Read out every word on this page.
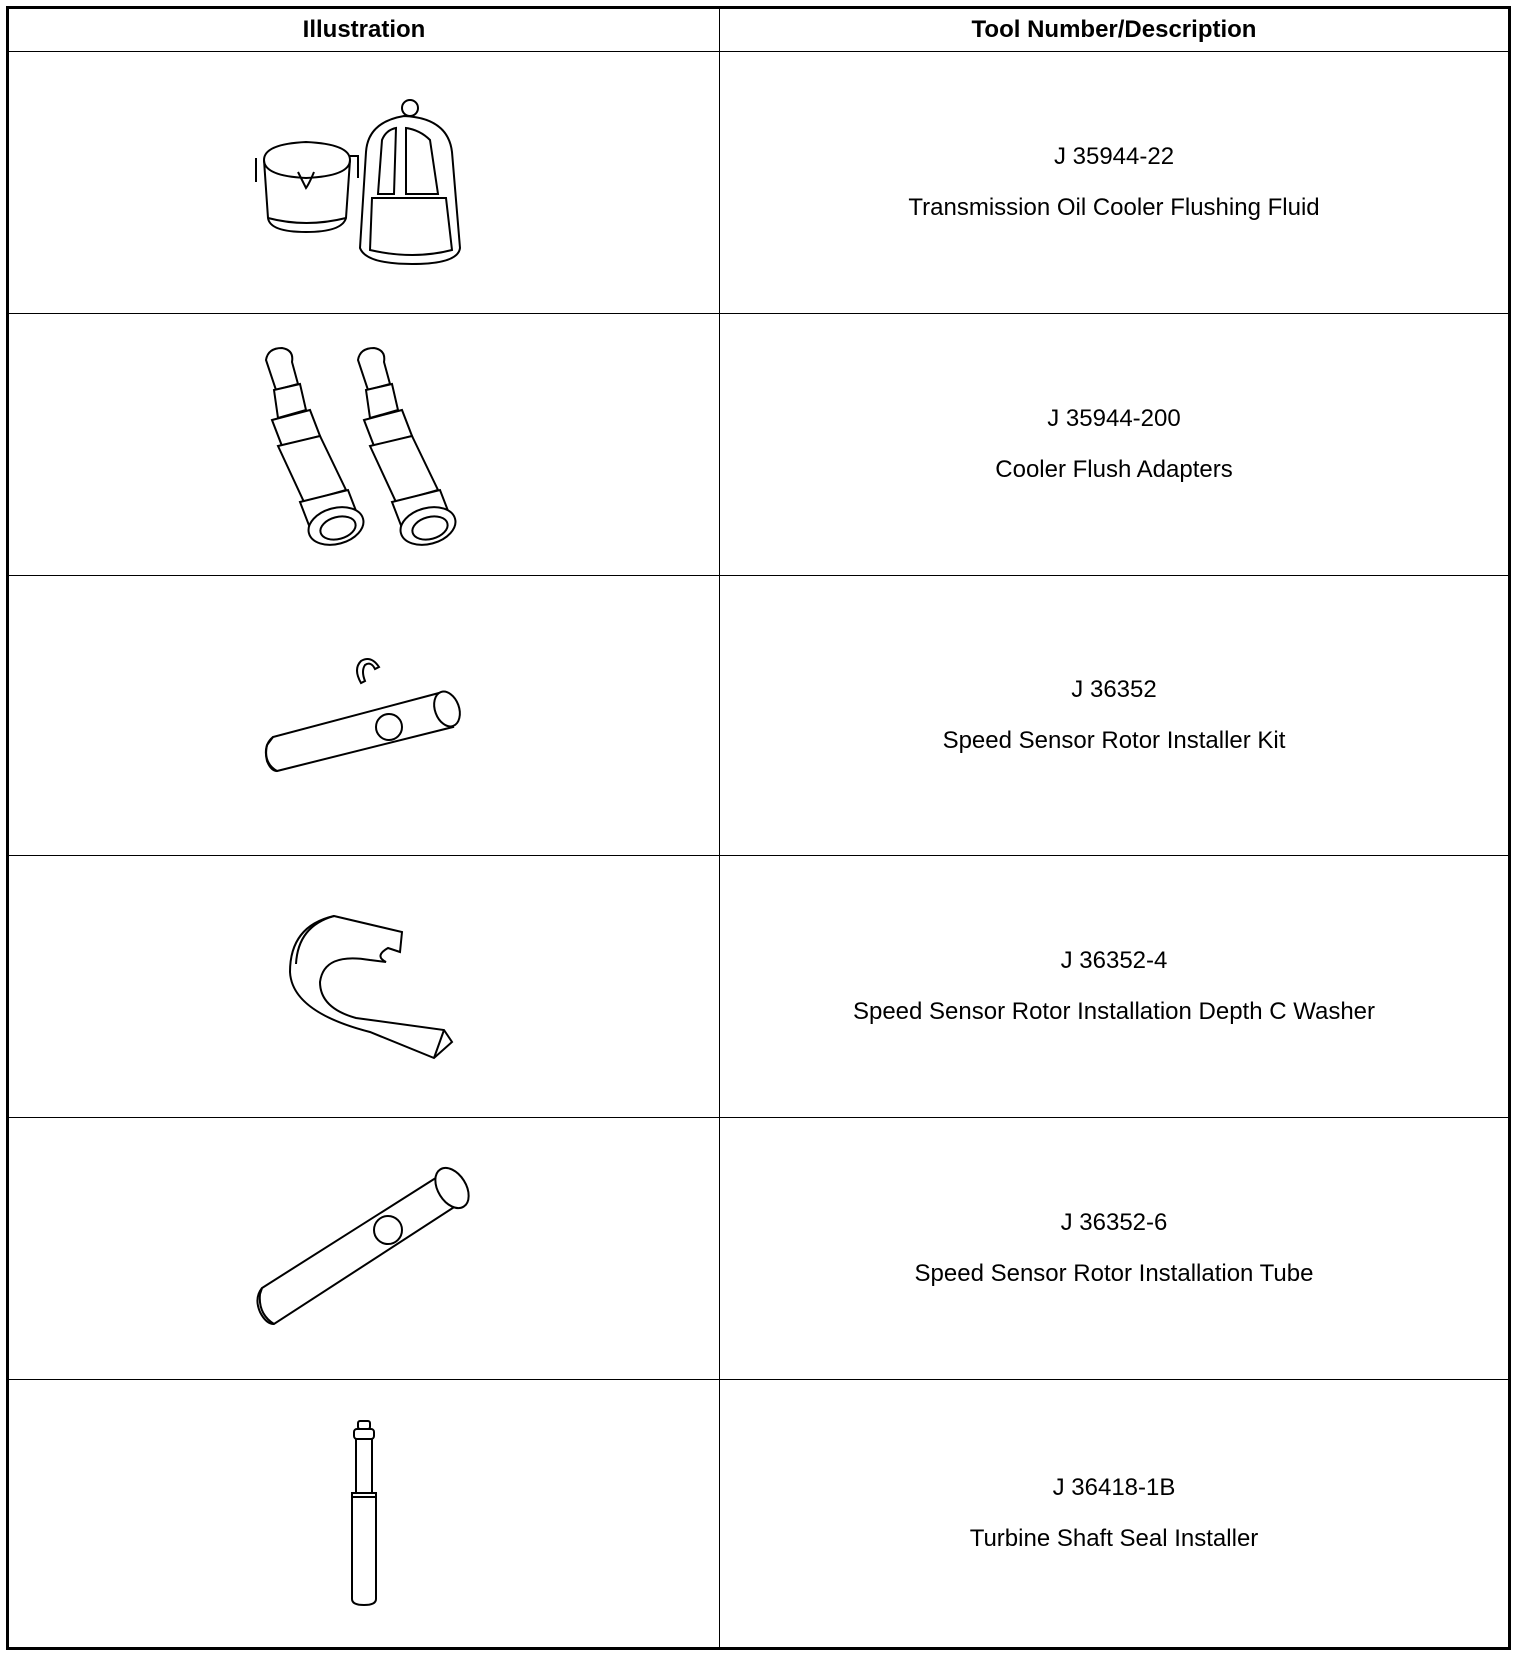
Illustration	Tool Number/Description
J 35944-22
Transmission Oil Cooler Flushing Fluid
J 35944-200
Cooler Flush Adapters
J 36352
Speed Sensor Rotor Installer Kit
J 36352-4
Speed Sensor Rotor Installation Depth C Washer
J 36352-6
Speed Sensor Rotor Installation Tube
J 36418-1B
Turbine Shaft Seal Installer
